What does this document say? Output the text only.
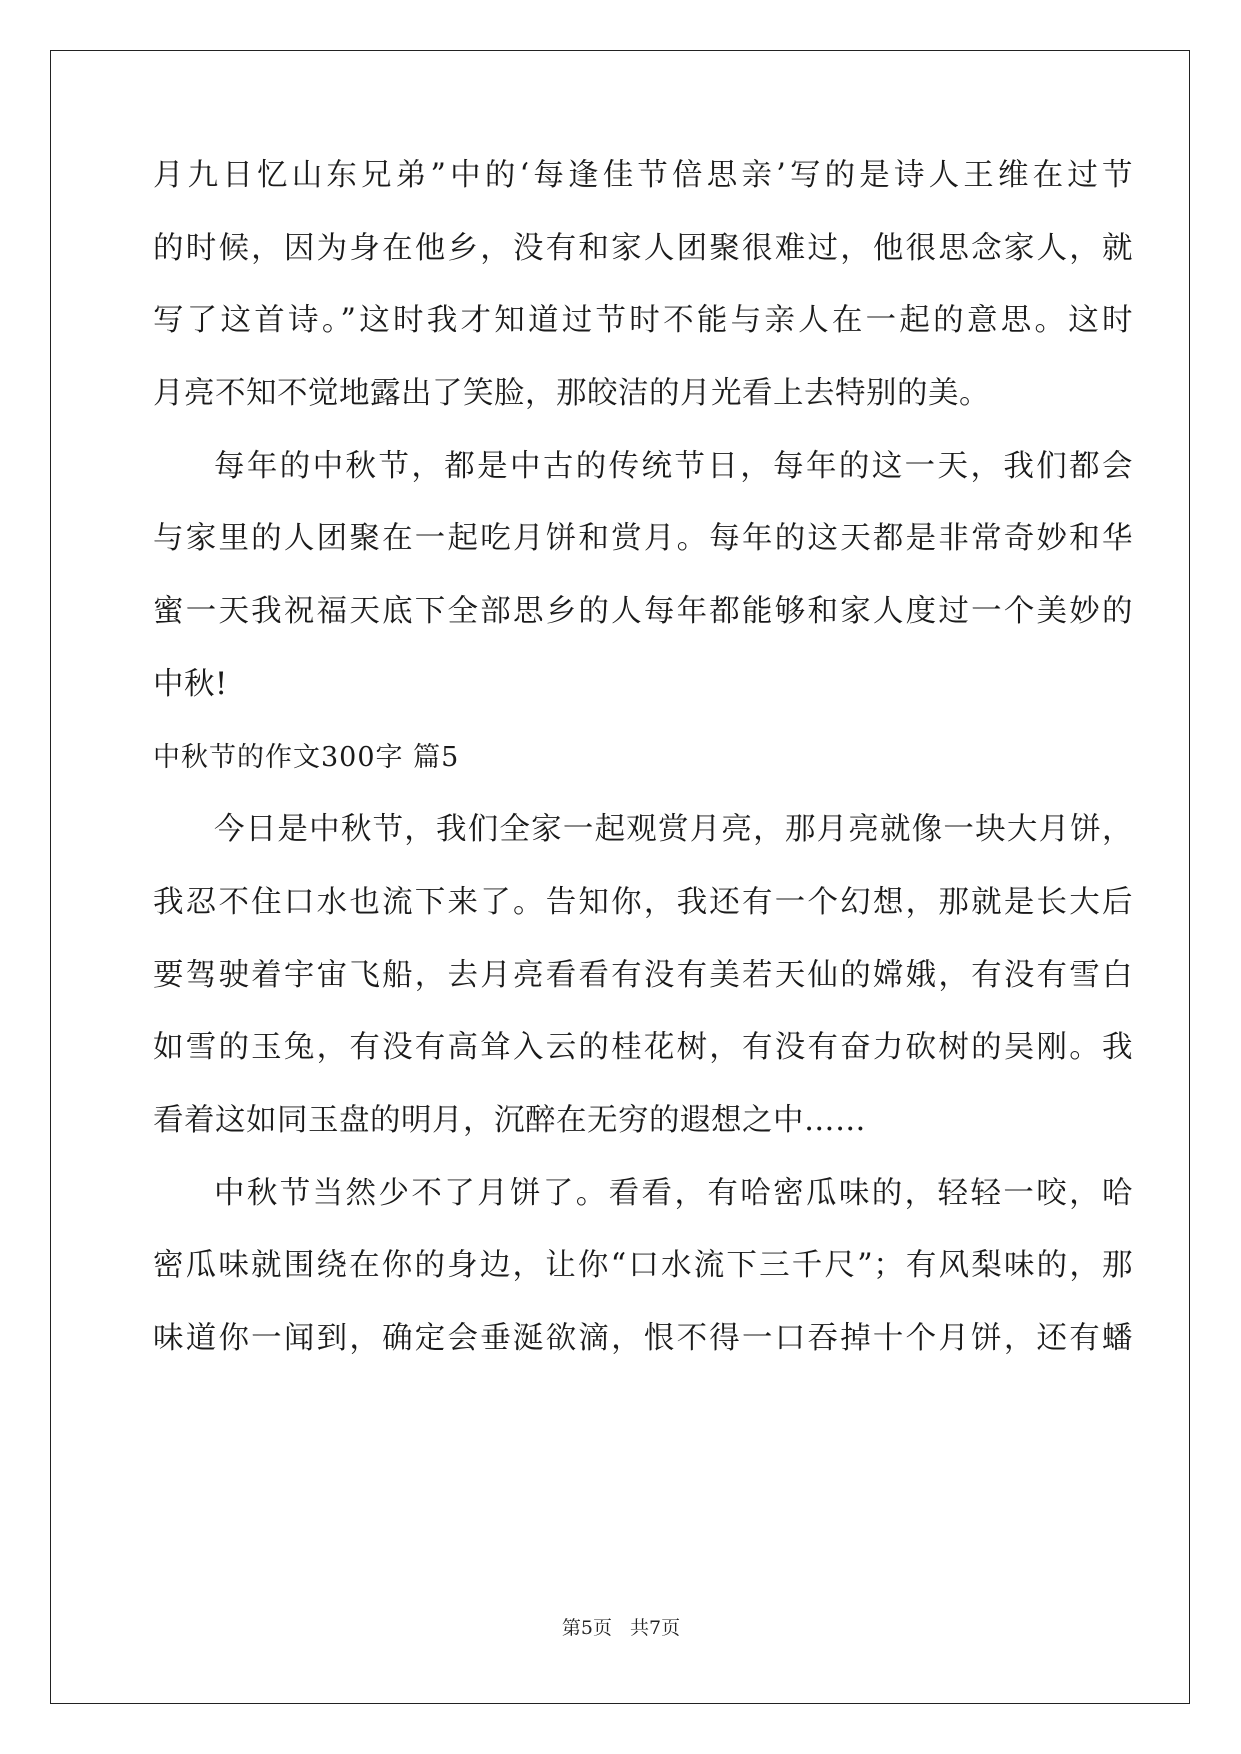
月九日忆山东兄弟”中的‘每逢佳节倍思亲’写的是诗人王维在过节
的时候，因为身在他乡，没有和家人团聚很难过，他很思念家人，就
写了这首诗。”这时我才知道过节时不能与亲人在一起的意思。这时
月亮不知不觉地露出了笑脸，那皎洁的月光看上去特别的美。
每年的中秋节，都是中古的传统节日，每年的这一天，我们都会
与家里的人团聚在一起吃月饼和赏月。每年的这天都是非常奇妙和华
蜜一天我祝福天底下全部思乡的人每年都能够和家人度过一个美妙的
中秋!
中秋节的作文300字 篇5
今日是中秋节，我们全家一起观赏月亮，那月亮就像一块大月饼，
我忍不住口水也流下来了。告知你，我还有一个幻想，那就是长大后
要驾驶着宇宙飞船，去月亮看看有没有美若天仙的嫦娥，有没有雪白
如雪的玉兔，有没有高耸入云的桂花树，有没有奋力砍树的吴刚。我
看着这如同玉盘的明月，沉醉在无穷的遐想之中……
中秋节当然少不了月饼了。看看，有哈密瓜味的，轻轻一咬，哈
密瓜味就围绕在你的身边，让你“口水流下三千尺”；有风梨味的，那
味道你一闻到，确定会垂涎欲滴，恨不得一口吞掉十个月饼，还有蟠
第5页 共7页
